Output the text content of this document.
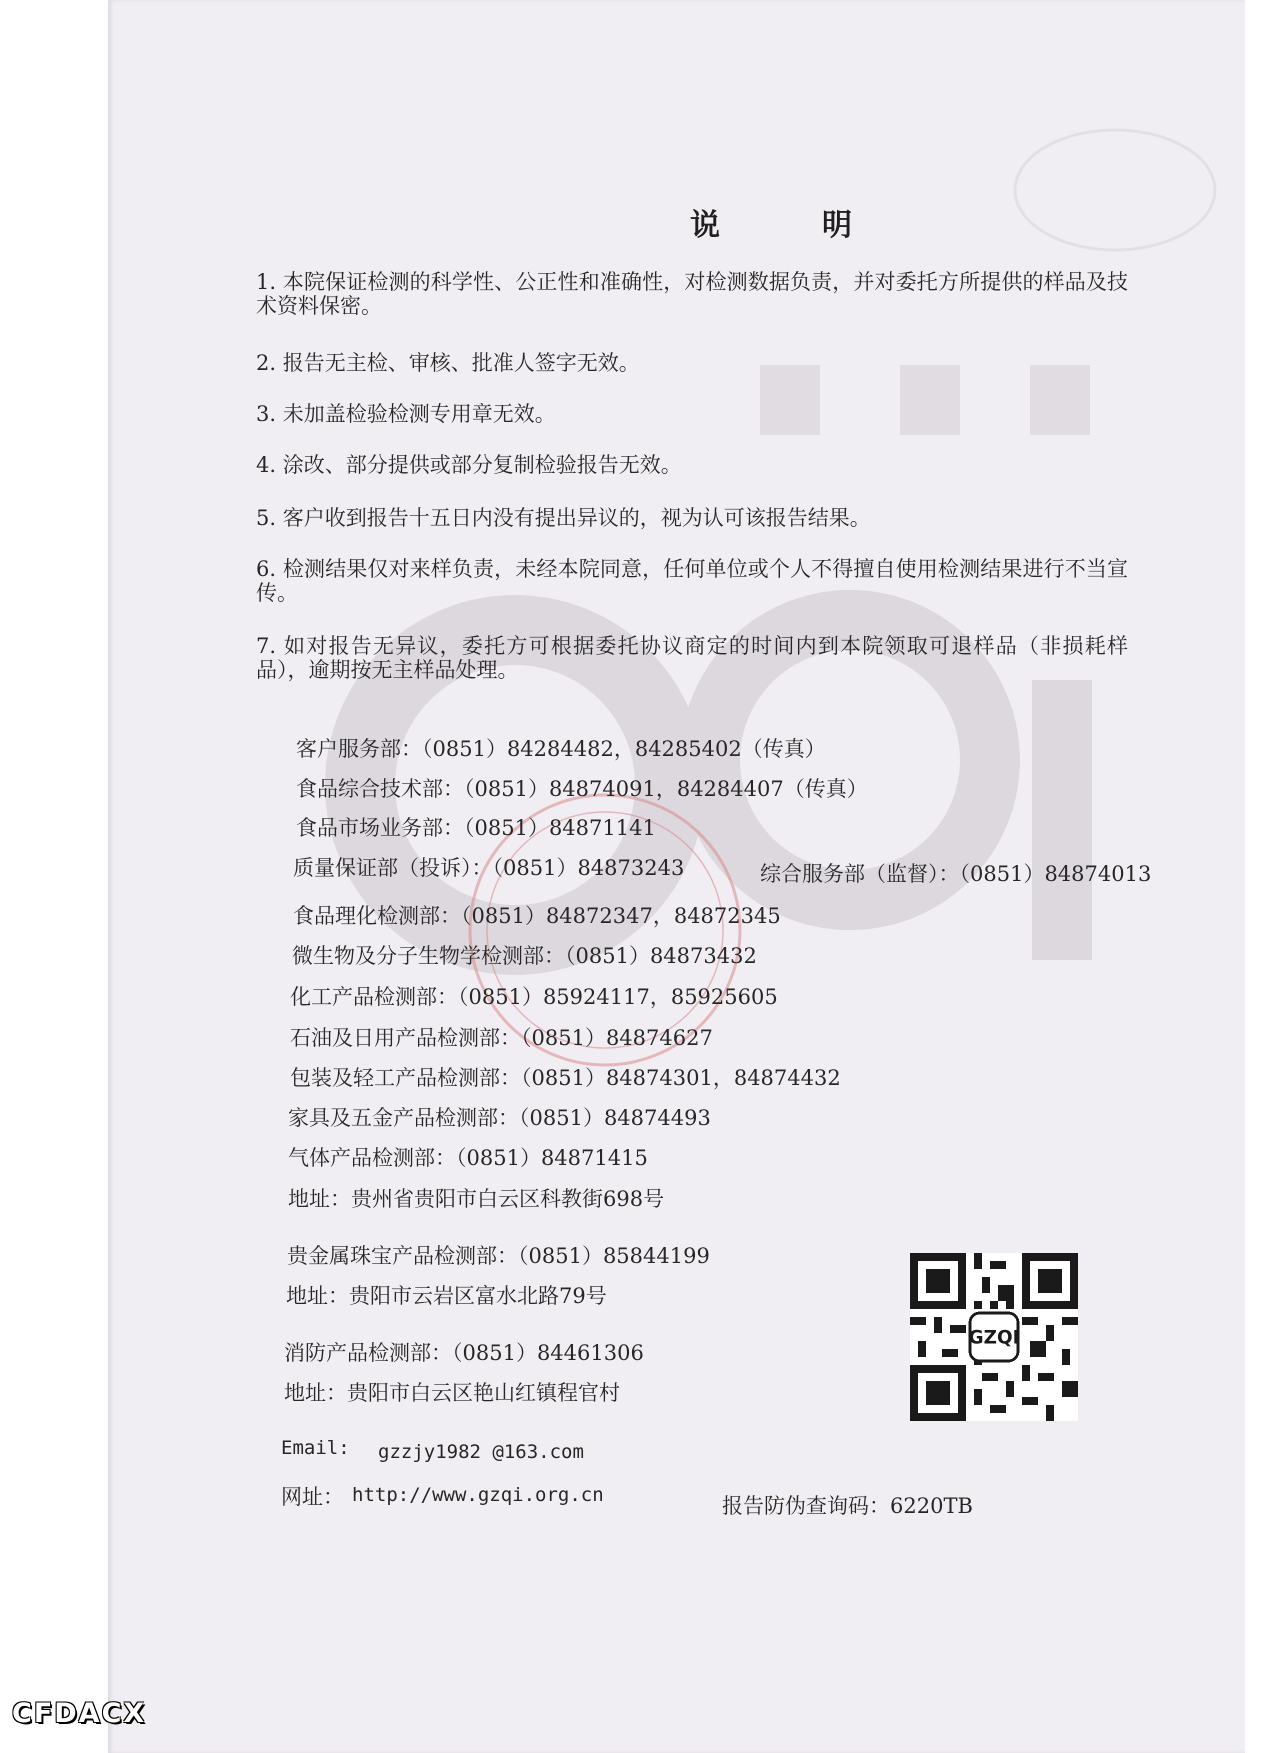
说　明
1. 本院保证检测的科学性、公正性和准确性，对检测数据负责，并对委托方所提供的样品及技术资料保密。
2. 报告无主检、审核、批准人签字无效。
3. 未加盖检验检测专用章无效。
4. 涂改、部分提供或部分复制检验报告无效。
5. 客户收到报告十五日内没有提出异议的，视为认可该报告结果。
6. 检测结果仅对来样负责，未经本院同意，任何单位或个人不得擅自使用检测结果进行不当宣传。
7. 如对报告无异议，委托方可根据委托协议商定的时间内到本院领取可退样品（非损耗样品），逾期按无主样品处理。
客户服务部：（0851）84284482，84285402（传真）
食品综合技术部：（0851）84874091，84284407（传真）
食品市场业务部：（0851）84871141
质量保证部（投诉）：（0851）84873243	综合服务部（监督）：（0851）84874013
食品理化检测部：（0851）84872347，84872345
微生物及分子生物学检测部：（0851）84873432
化工产品检测部：（0851）85924117，85925605
石油及日用产品检测部：（0851）84874627
包装及轻工产品检测部：（0851）84874301，84874432
家具及五金产品检测部：（0851）84874493
气体产品检测部：（0851）84871415
地址：贵州省贵阳市白云区科教街698号
贵金属珠宝产品检测部：（0851）85844199
地址：贵阳市云岩区富水北路79号
消防产品检测部：（0851）84461306
地址：贵阳市白云区艳山红镇程官村
Email: gzzjy1982 @163.com
网址： http://www.gzqi.org.cn	报告防伪查询码：6220TB
GZQI
CFDACX
